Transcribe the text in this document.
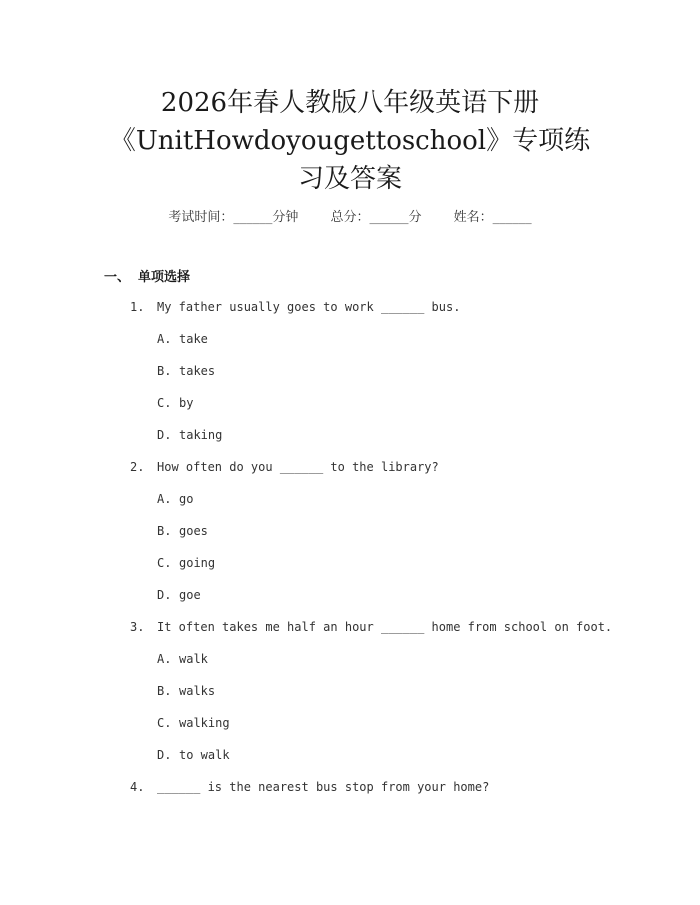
2026年春人教版八年级英语下册《UnitHowdoyougettoschool》专项练习及答案
考试时间：______分钟 总分：______分 姓名：______
一、 单项选择
1. My father usually goes to work ______ bus.
A. take
B. takes
C. by
D. taking
2. How often do you ______ to the library?
A. go
B. goes
C. going
D. goe
3. It often takes me half an hour ______ home from school on foot.
A. walk
B. walks
C. walking
D. to walk
4. ______ is the nearest bus stop from your home?
